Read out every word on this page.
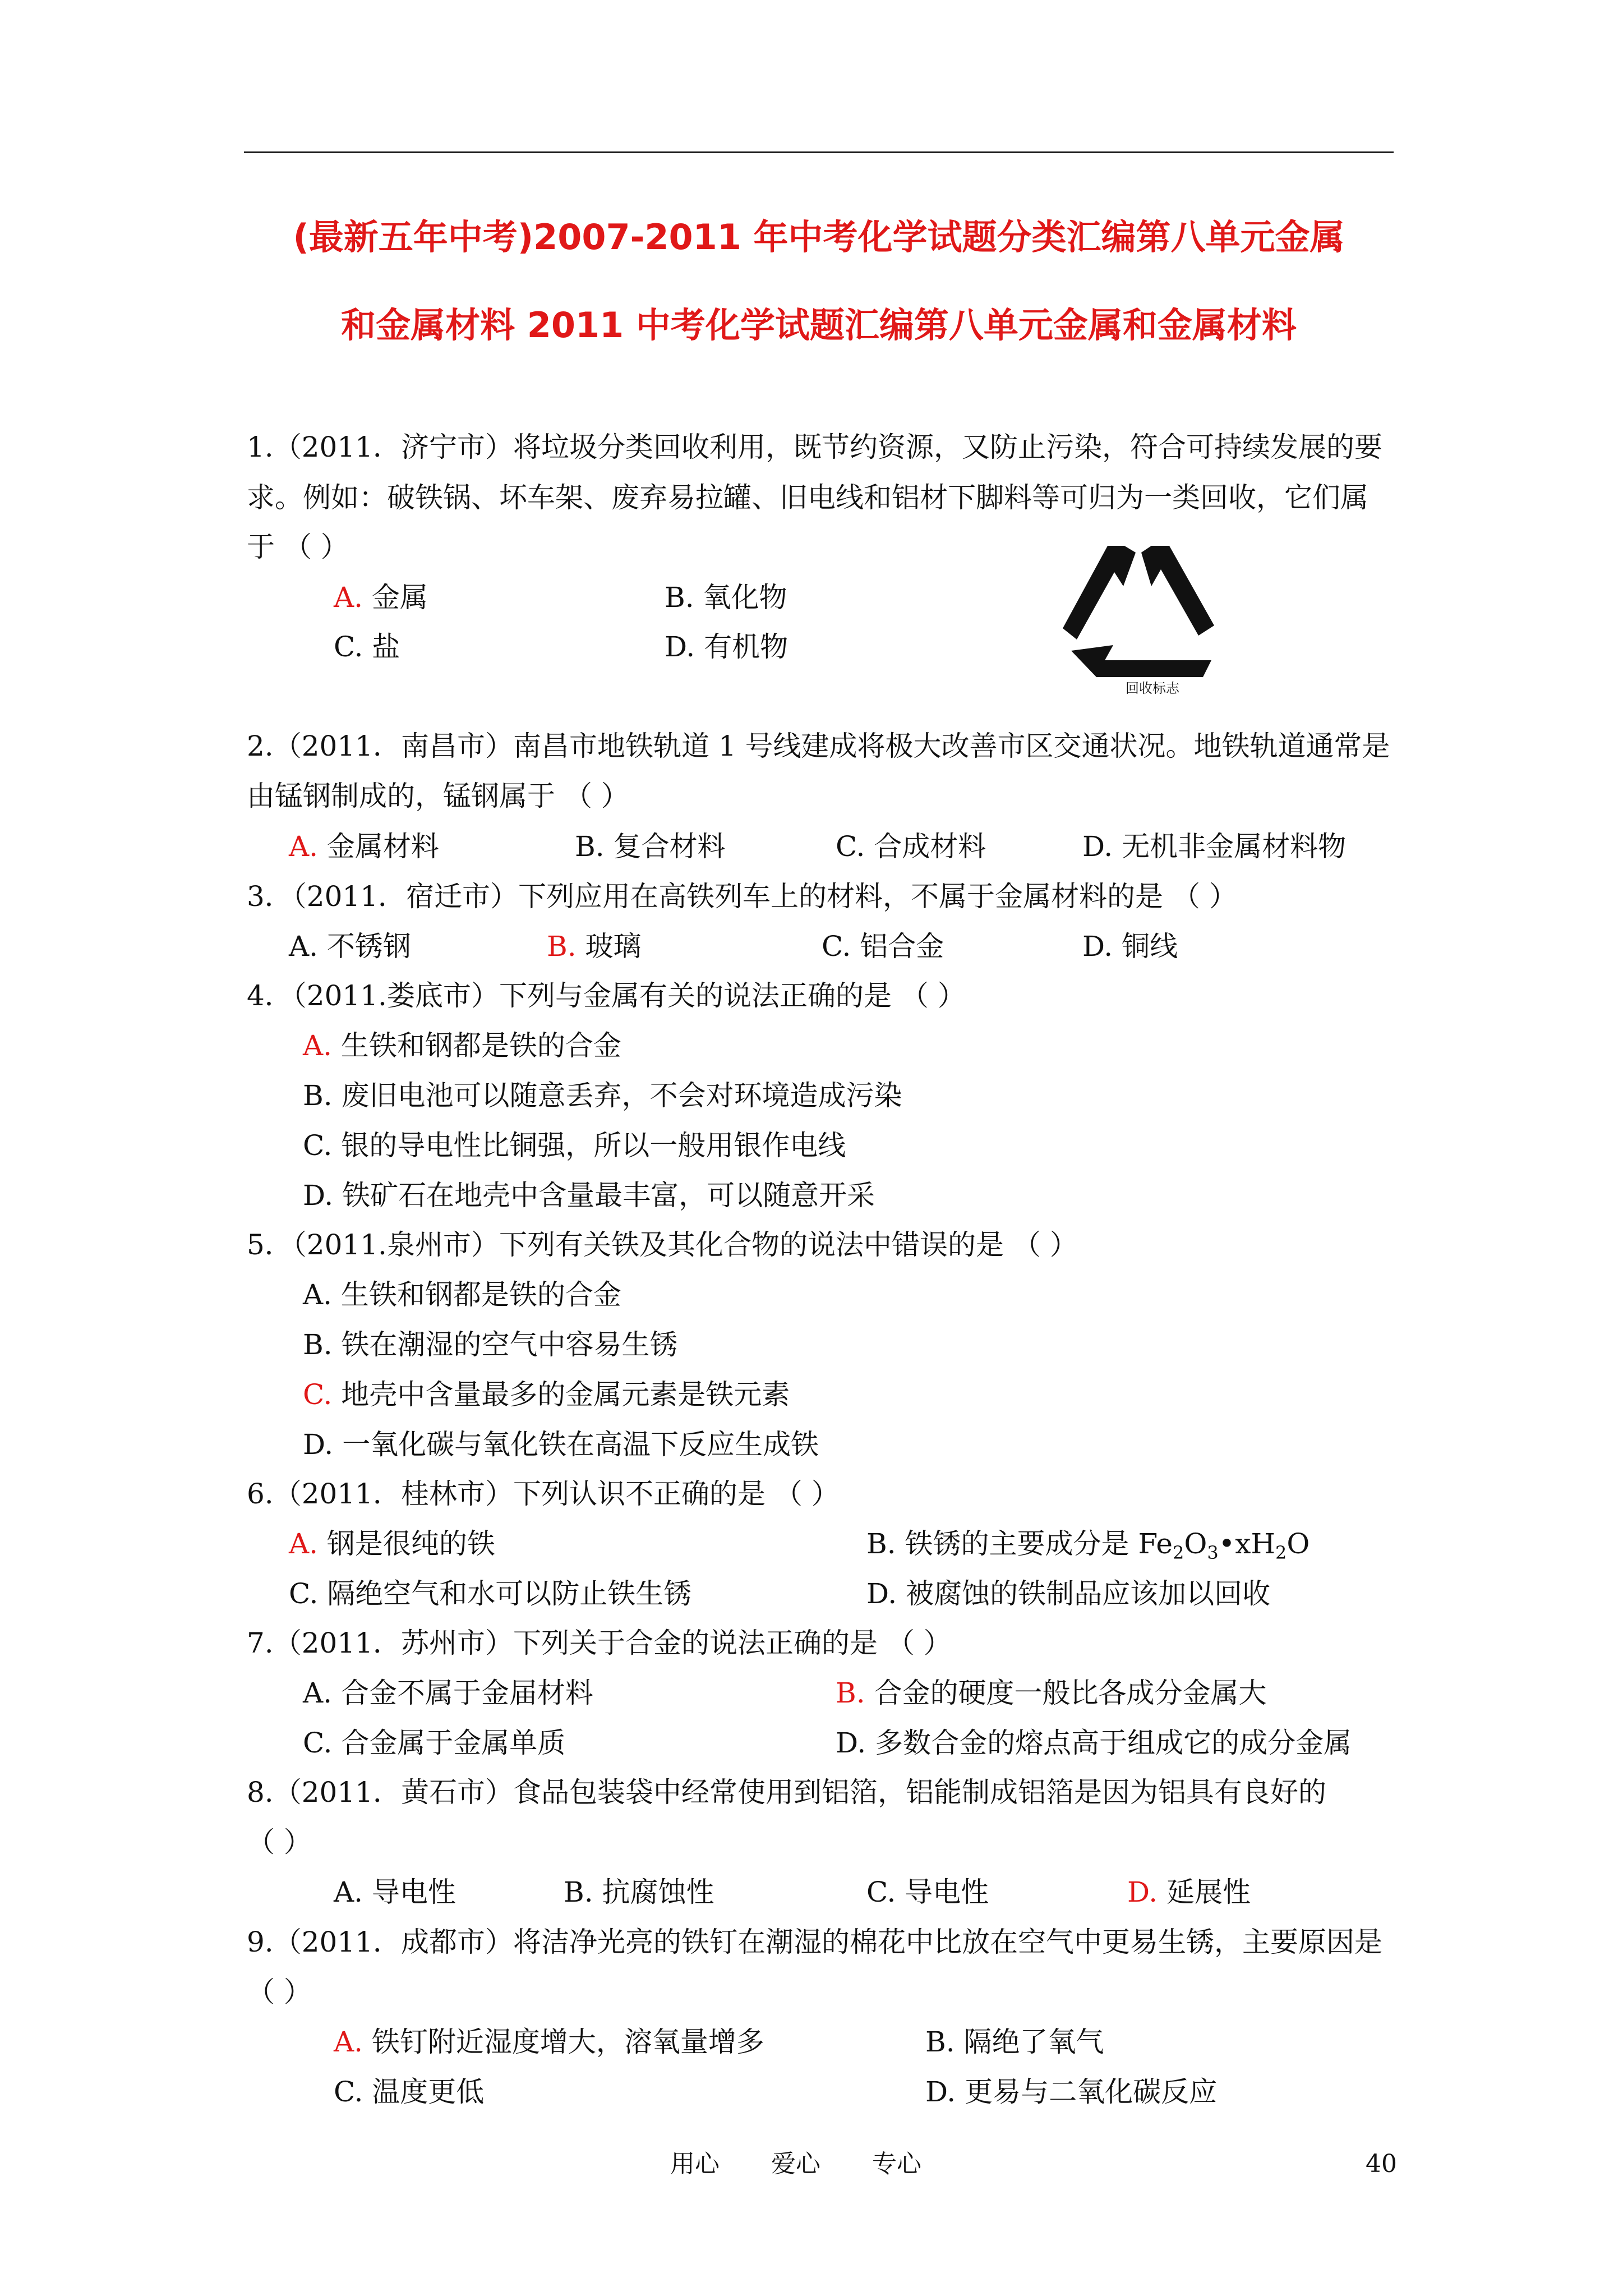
(最新五年中考)2007-2011 年中考化学试题分类汇编第八单元金属
和金属材料 2011 中考化学试题汇编第八单元金属和金属材料
1.（2011．济宁市）将垃圾分类回收利用，既节约资源，又防止污染，符合可持续发展的要
求。例如：破铁锅、坏车架、废弃易拉罐、旧电线和铝材下脚料等可归为一类回收，它们属
于 （ ）
A. 金属	B. 氧化物
C. 盐	D. 有机物
回收标志
2.（2011．南昌市）南昌市地铁轨道 1 号线建成将极大改善市区交通状况。地铁轨道通常是
由锰钢制成的，锰钢属于 （ ）
A. 金属材料	B. 复合材料	C. 合成材料	D. 无机非金属材料物
3．（2011．宿迁市）下列应用在高铁列车上的材料，不属于金属材料的是 （ ）
A. 不锈钢	B. 玻璃	C. 铝合金	D. 铜线
4．（2011.娄底市）下列与金属有关的说法正确的是 （ ）
A. 生铁和钢都是铁的合金
B. 废旧电池可以随意丢弃，不会对环境造成污染
C. 银的导电性比铜强，所以一般用银作电线
D. 铁矿石在地壳中含量最丰富，可以随意开采
5．（2011.泉州市）下列有关铁及其化合物的说法中错误的是 （ ）
A. 生铁和钢都是铁的合金
B. 铁在潮湿的空气中容易生锈
C. 地壳中含量最多的金属元素是铁元素
D. 一氧化碳与氧化铁在高温下反应生成铁
6.（2011．桂林市）下列认识不正确的是 （ ）
A. 钢是很纯的铁	B. 铁锈的主要成分是 $Fe_2O_3•xH_2O$
C. 隔绝空气和水可以防止铁生锈	D. 被腐蚀的铁制品应该加以回收
7.（2011．苏州市）下列关于合金的说法正确的是 （ ）
A. 合金不属于金届材料	B. 合金的硬度一般比各成分金属大
C. 合金属于金属单质	D. 多数合金的熔点高于组成它的成分金属
8.（2011．黄石市）食品包装袋中经常使用到铝箔，铝能制成铝箔是因为铝具有良好的
（ ）
A. 导电性	B. 抗腐蚀性	C. 导电性	D. 延展性
9.（2011．成都市）将洁净光亮的铁钉在潮湿的棉花中比放在空气中更易生锈，主要原因是
（ ）
A. 铁钉附近湿度增大，溶氧量增多	B. 隔绝了氧气
C. 温度更低	D. 更易与二氧化碳反应
用心 爱心 专心	40
